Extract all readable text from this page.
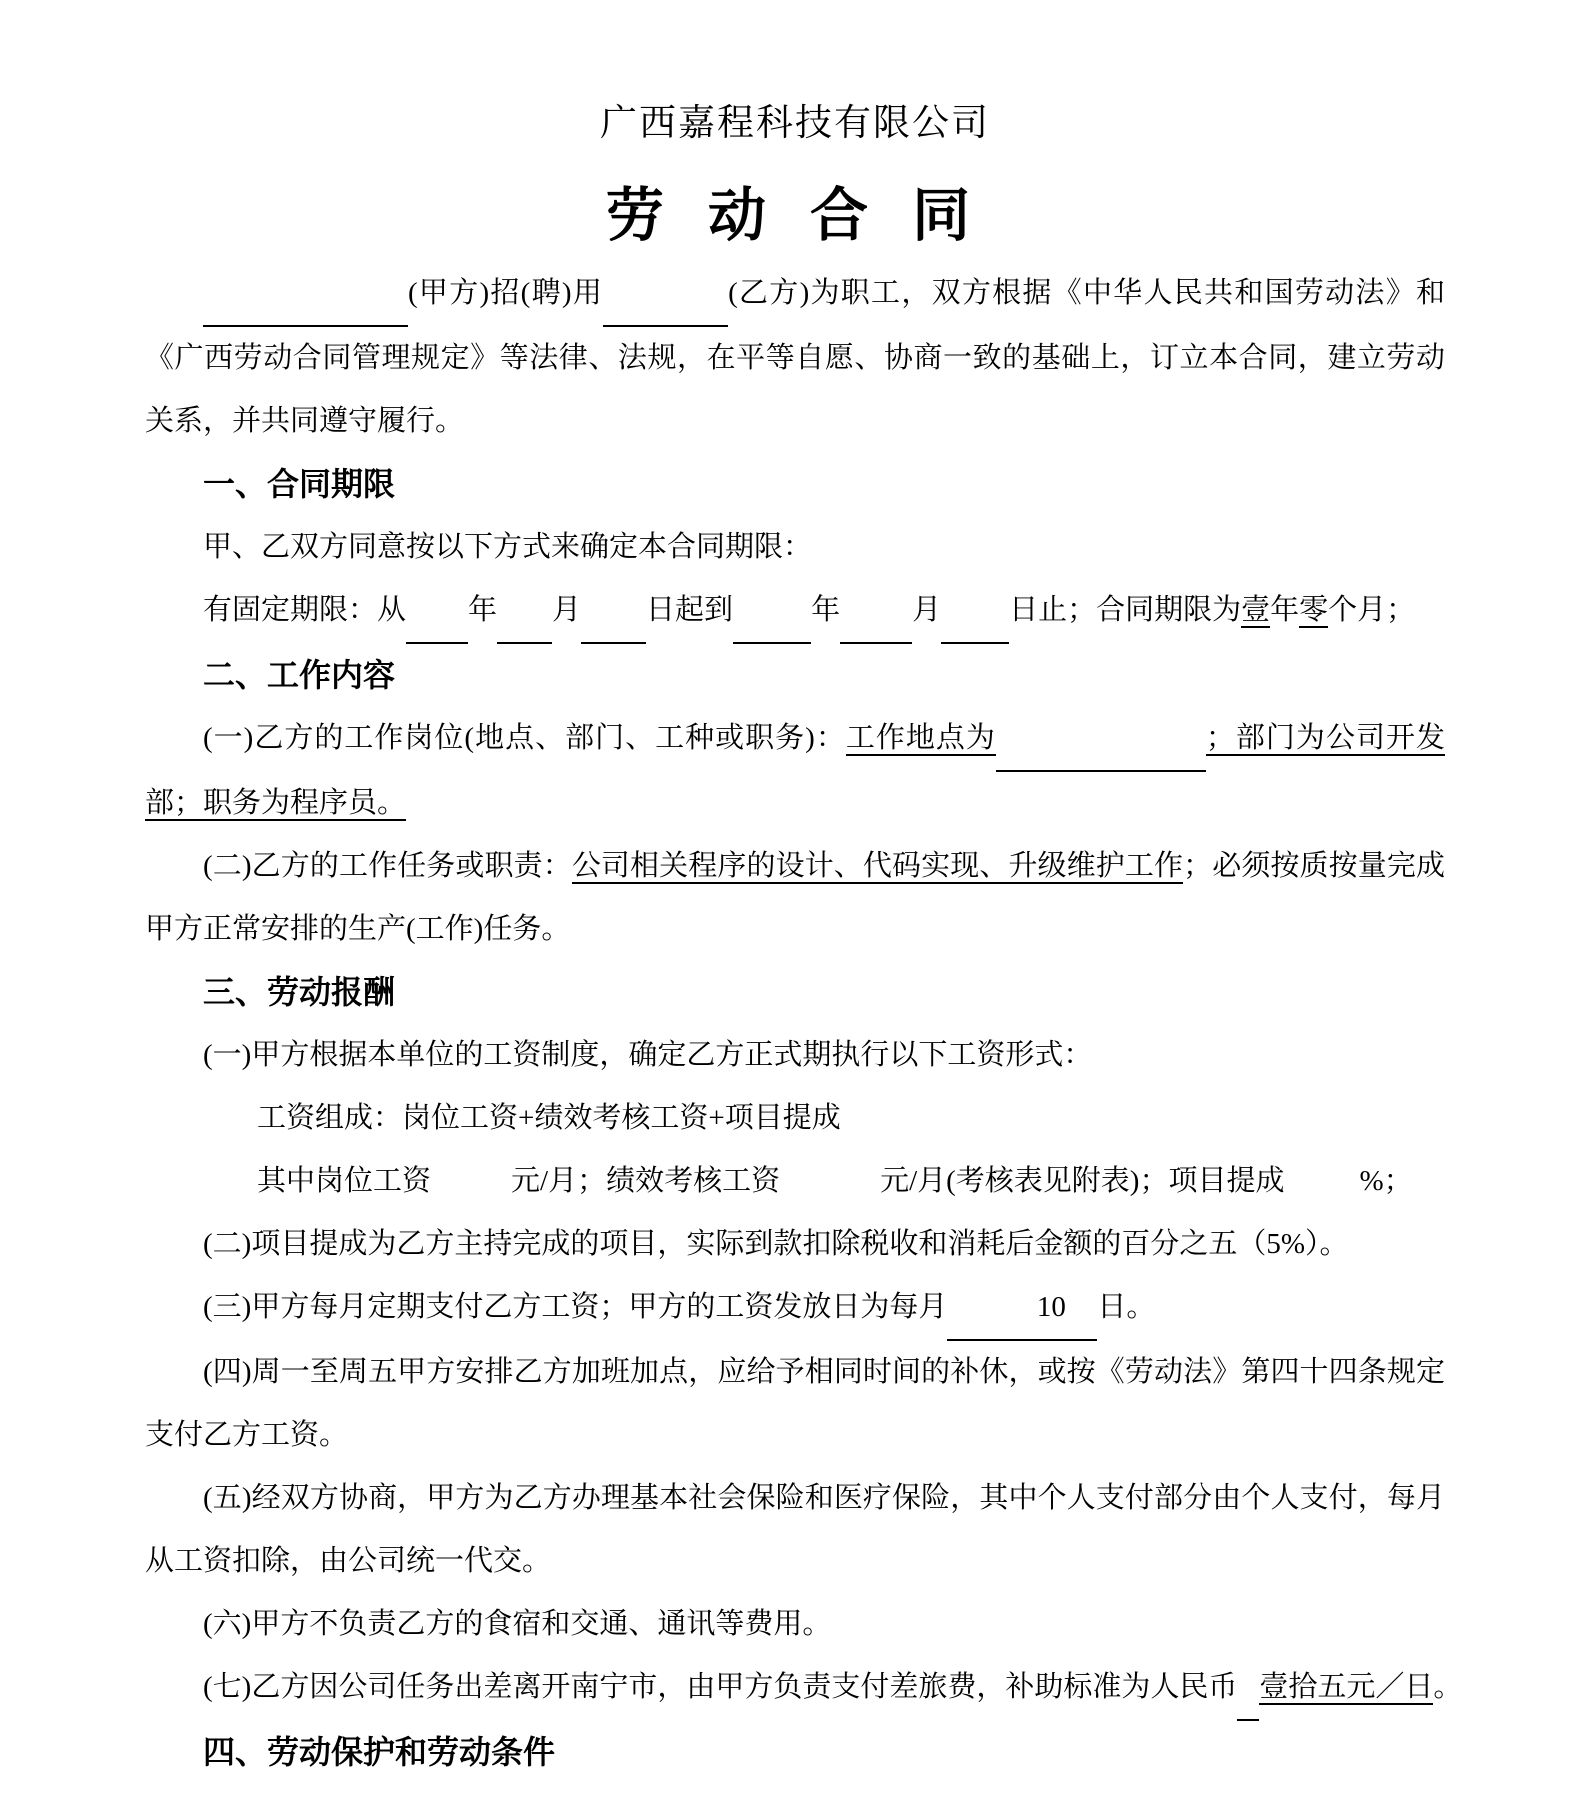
广西嘉程科技有限公司
劳 动 合 同

(甲方)招(聘)用	(乙方)为职工，双方根据《中华人民共和国劳动法》和《广西劳动合同管理规定》等法律、法规，在平等自愿、协商一致的基础上，订立本合同，建立劳动关系，并共同遵守履行。

一、合同期限

甲、乙双方同意按以下方式来确定本合同期限：

有固定期限：从 年 月 日起到	年 月 日止；合同期限为壹年零个月；

二、工作内容

(一)乙方的工作岗位(地点、部门、工种或职务)：工作地点为	；部门为公司开发部；职务为程序员。

(二)乙方的工作任务或职责：公司相关程序的设计、代码实现、升级维护工作；必须按质按量完成甲方正常安排的生产(工作)任务。

三、劳动报酬

(一)甲方根据本单位的工资制度，确定乙方正式期执行以下工资形式：

工资组成：岗位工资+绩效考核工资+项目提成

其中岗位工资	元/月；绩效考核工资	元/月(考核表见附表)；项目提成	%；

(二)项目提成为乙方主持完成的项目，实际到款扣除税收和消耗后金额的百分之五（5%）。

(三)甲方每月定期支付乙方工资；甲方的工资发放日为每月	10 日。

(四)周一至周五甲方安排乙方加班加点，应给予相同时间的补休，或按《劳动法》第四十四条规定支付乙方工资。

(五)经双方协商，甲方为乙方办理基本社会保险和医疗保险，其中个人支付部分由个人支付，每月从工资扣除，由公司统一代交。

(六)甲方不负责乙方的食宿和交通、通讯等费用。

(七)乙方因公司任务出差离开南宁市，由甲方负责支付差旅费，补助标准为人民币 壹拾五元／日。

四、劳动保护和劳动条件
